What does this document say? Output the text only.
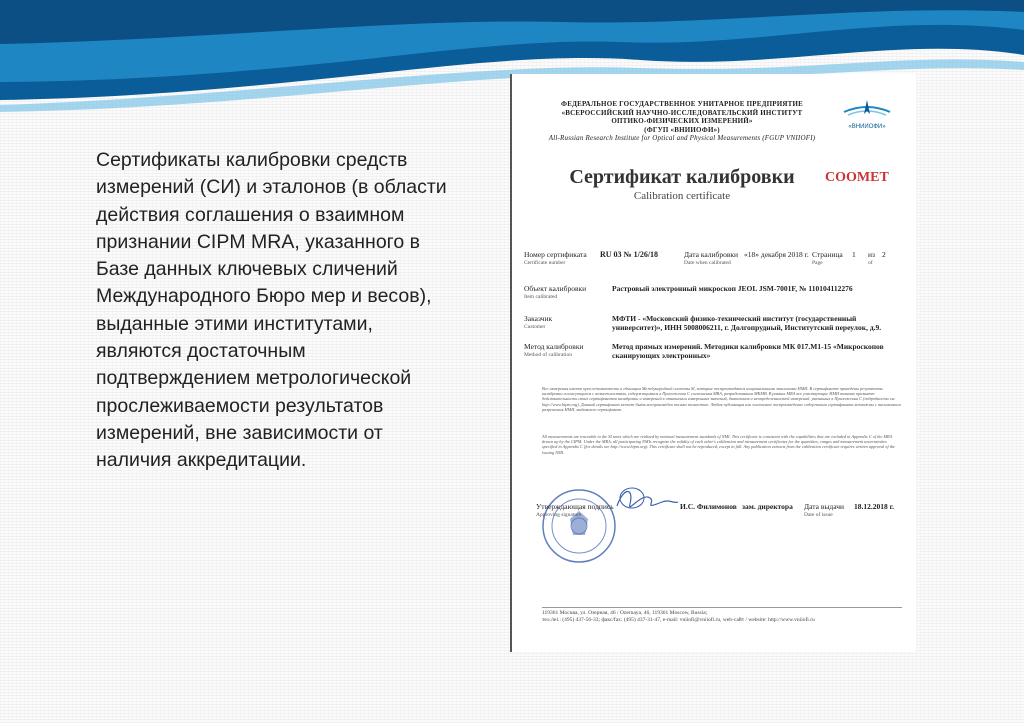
Сертификаты калибровки средств измерений (СИ) и эталонов (в области действия соглашения о взаимном признании CIPM MRA, указанного в Базе данных ключевых сличений Международного Бюро мер и весов), выданные этими институтами, являются достаточным подтверждением метрологической прослеживаемости результатов измерений, вне зависимости от наличия аккредитации.

ФЕДЕРАЛЬНОЕ ГОСУДАРСТВЕННОЕ УНИТАРНОЕ ПРЕДПРИЯТИЕ
«ВСЕРОССИЙСКИЙ НАУЧНО-ИССЛЕДОВАТЕЛЬСКИЙ ИНСТИТУТ
ОПТИКО-ФИЗИЧЕСКИХ ИЗМЕРЕНИЙ»
(ФГУП «ВНИИОФИ»)
All-Russian Research Institute for Optical and Physical Measurements (FGUP VNIIOFI)
«ВНИИОФИ»
Сертификат калибровки
Calibration certificate
COOMET
Номер сертификата
Certificate number
RU 03 № 1/26/18	Дата калибровки
Date when calibrated
«18» декабря 2018 г. Страница
Page
1 из
of
2
Объект калибровки
Item calibrated
Растровый электронный микроскоп JEOL JSM-7001F, № 110104112276
Заказчик
Customer
МФТИ - «Московский физико-технический институт (государственный университет)», ИНН 5008006211, г. Долгопрудный, Институтский переулок, д.9.
Метод калибровки
Method of calibration
Метод прямых измерений. Методики калибровки МК 017.М1-15 «Микроскопов сканирующих электронных»
Все измерения имеют прослеживаемость к единицам Международной системы SI, которые воспроизводятся национальными эталонами НМИ. В сертификате приведены результаты калибровки согласующиеся с возможностями, содержащимися в Приложении С соглашения MRA, разработанном МКМВ. В рамках MRA все участвующие НМИ взаимно признают действительность своих сертификатов калибровки и измерений в отношении измеренных значений, диапазонов и неопределенностей измерений, указанных в Приложении С (подробности см. http://www.bipm.org). Данный сертификат может быть воспроизведен только полностью. Любая публикация или частичное воспроизведение содержания сертификата возможны с письменного разрешения НМИ, выдавшего сертификат.
All measurements are traceable to the SI units which are realized by national measurement standards of NMI. This certificate is consistent with the capabilities that are included in Appendix C of the MRA drawn up by the CIPM. Under the MRA, all participating NMIs recognize the validity of each other's calibration and measurement certificates for the quantities, ranges and measurement uncertainties specified in Appendix C (for details see http://www.bipm.org). This certificate shall not be reproduced, except in full. Any publication extracts from the calibration certificate requires written approval of the issuing NMI.
Утверждающая подпись
Approving signature
И.С. Филимонов зам. директора Дата выдачи
Date of issue
18.12.2018 г.
119361 Москва, ул. Озерная, 46 / Ozernaya, 46, 119361 Moscow, Russia;
тел./tel.: (495) 437-56-33; факс/fax: (495) 437-31-47, e-mail: vniiofi@vniiofi.ru, web-сайт / website: http://www.vniiofi.ru
